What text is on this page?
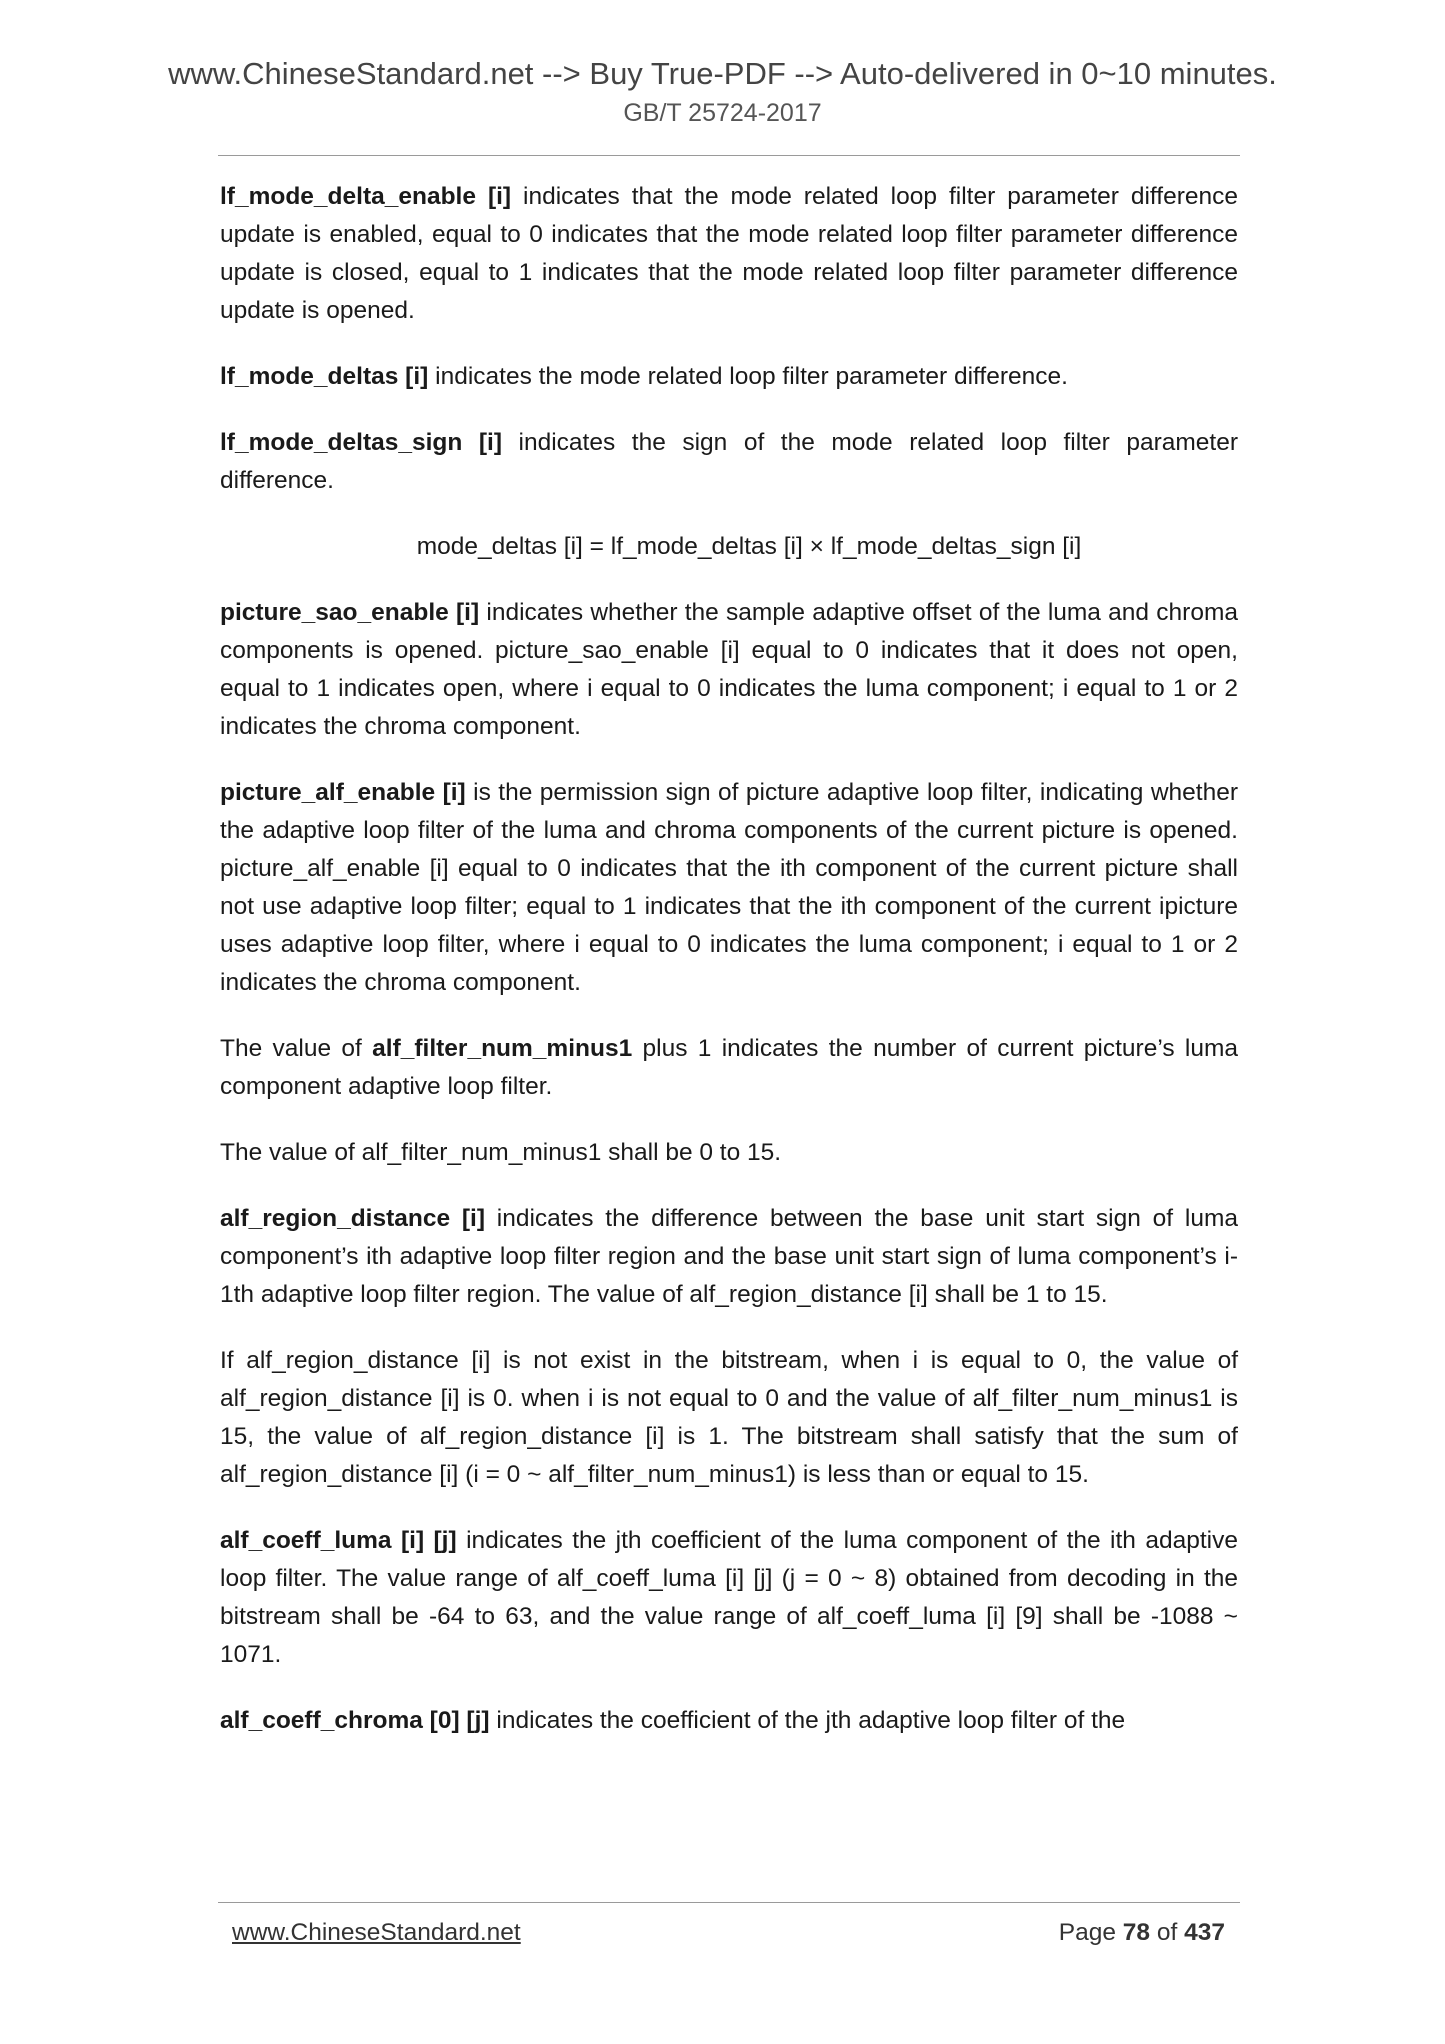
www.ChineseStandard.net --> Buy True-PDF --> Auto-delivered in 0~10 minutes.
GB/T 25724-2017

lf_mode_delta_enable [i] indicates that the mode related loop filter parameter difference update is enabled, equal to 0 indicates that the mode related loop filter parameter difference update is closed, equal to 1 indicates that the mode related loop filter parameter difference update is opened.

lf_mode_deltas [i] indicates the mode related loop filter parameter difference.

lf_mode_deltas_sign [i] indicates the sign of the mode related loop filter parameter difference.

mode_deltas [i] = lf_mode_deltas [i] × lf_mode_deltas_sign [i]

picture_sao_enable [i] indicates whether the sample adaptive offset of the luma and chroma components is opened. picture_sao_enable [i] equal to 0 indicates that it does not open, equal to 1 indicates open, where i equal to 0 indicates the luma component; i equal to 1 or 2 indicates the chroma component.

picture_alf_enable [i] is the permission sign of picture adaptive loop filter, indicating whether the adaptive loop filter of the luma and chroma components of the current picture is opened. picture_alf_enable [i] equal to 0 indicates that the ith component of the current picture shall not use adaptive loop filter; equal to 1 indicates that the ith component of the current ipicture uses adaptive loop filter, where i equal to 0 indicates the luma component; i equal to 1 or 2 indicates the chroma component.

The value of alf_filter_num_minus1 plus 1 indicates the number of current picture’s luma component adaptive loop filter.

The value of alf_filter_num_minus1 shall be 0 to 15.

alf_region_distance [i] indicates the difference between the base unit start sign of luma component’s ith adaptive loop filter region and the base unit start sign of luma component’s i-1th adaptive loop filter region. The value of alf_region_distance [i] shall be 1 to 15.

If alf_region_distance [i] is not exist in the bitstream, when i is equal to 0, the value of alf_region_distance [i] is 0. when i is not equal to 0 and the value of alf_filter_num_minus1 is 15, the value of alf_region_distance [i] is 1. The bitstream shall satisfy that the sum of alf_region_distance [i] (i = 0 ~ alf_filter_num_minus1) is less than or equal to 15.

alf_coeff_luma [i] [j] indicates the jth coefficient of the luma component of the ith adaptive loop filter. The value range of alf_coeff_luma [i] [j] (j = 0 ~ 8) obtained from decoding in the bitstream shall be -64 to 63, and the value range of alf_coeff_luma [i] [9] shall be -1088 ~ 1071.

alf_coeff_chroma [0] [j] indicates the coefficient of the jth adaptive loop filter of the

www.ChineseStandard.net	Page 78 of 437
